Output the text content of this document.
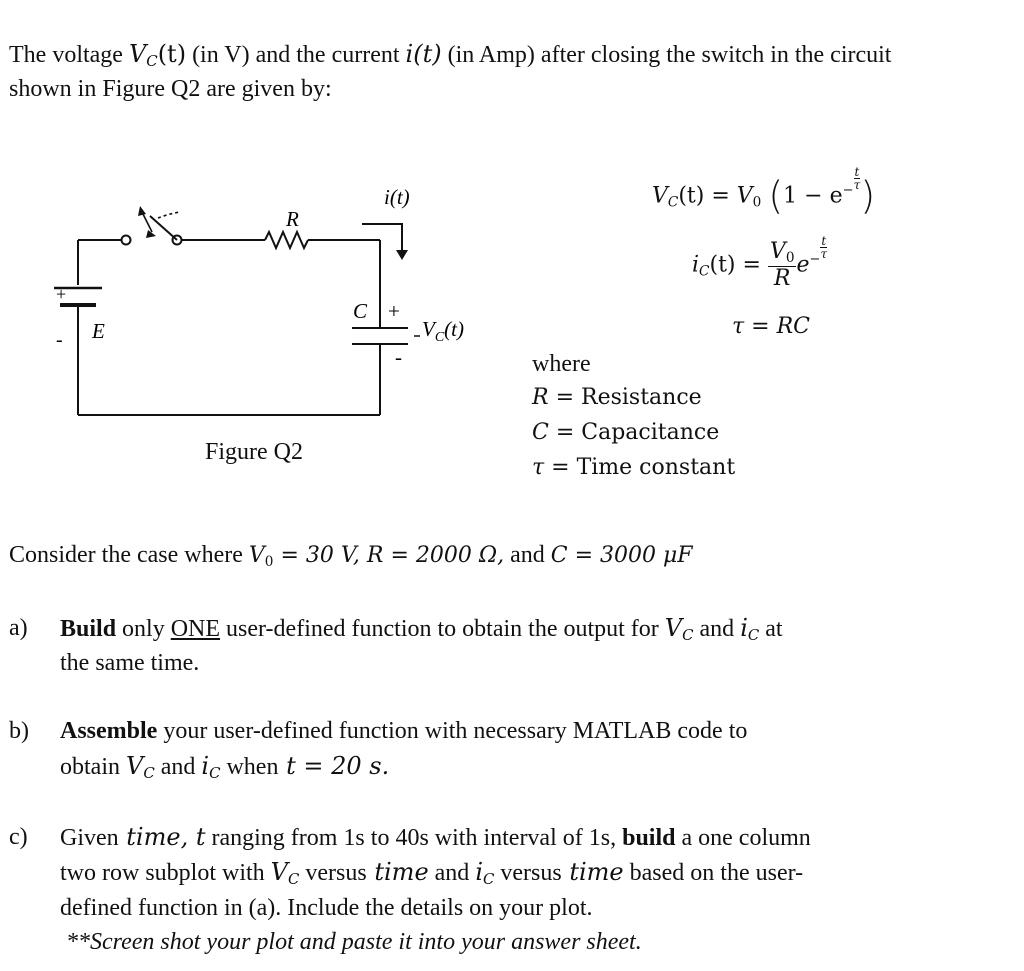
The voltage $V_C(t)$ (in V) and the current i(t) (in Amp) after closing the switch in the circuit
shown in Figure Q2 are given by:
i(t)
R
C +
-
E
+
-	$V_C(t)$
Figure Q2
$V_C(t) = V_0$ ($1 - e^{- \frac{t}{\tau}}$ )
$i_C(t) = \frac{V_0}{R} e^{- \frac{t}{\tau}}$
τ = RC
where
R = Resistance
C = Capacitance
τ = Time constant
Consider the case where $V_0 = 30$ V, R = 2000 Ω, and C = 3000 μF
a) Build only ONE user-defined function to obtain the output for $V_C$ and $i_C$ at
the same time.
b) Assemble your user-defined function with necessary MATLAB code to
obtain $V_C$ and $i_C$ when t = 20 s.
c) Given time, t ranging from 1s to 40s with interval of 1s, build a one column
two row subplot with $V_C$ versus time and $i_C$ versus time based on the user-
defined function in (a). Include the details on your plot.
**Screen shot your plot and paste it into your answer sheet.
